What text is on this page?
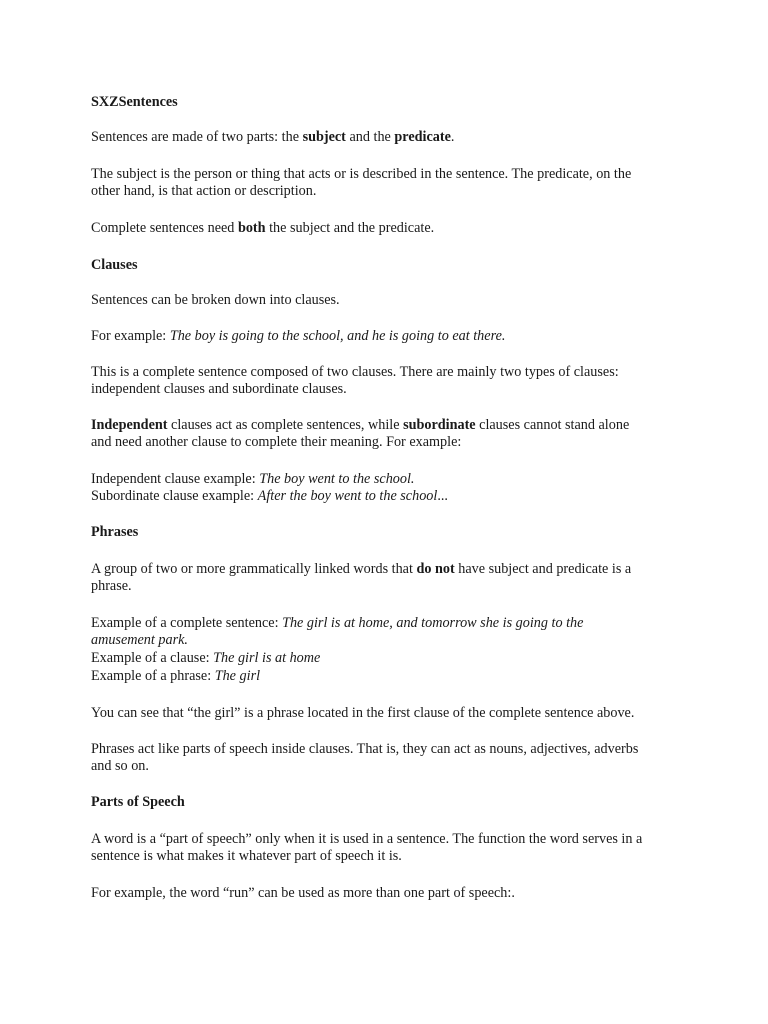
SXZSentences
Sentences are made of two parts: the subject and the predicate.
The subject is the person or thing that acts or is described in the sentence. The predicate, on the
other hand, is that action or description.
Complete sentences need both the subject and the predicate.
Clauses
Sentences can be broken down into clauses.
For example: The boy is going to the school, and he is going to eat there.
This is a complete sentence composed of two clauses. There are mainly two types of clauses:
independent clauses and subordinate clauses.
Independent clauses act as complete sentences, while subordinate clauses cannot stand alone
and need another clause to complete their meaning. For example:
Independent clause example: The boy went to the school.
Subordinate clause example: After the boy went to the school...
Phrases
A group of two or more grammatically linked words that do not have subject and predicate is a
phrase.
Example of a complete sentence: The girl is at home, and tomorrow she is going to the
amusement park.
Example of a clause: The girl is at home
Example of a phrase: The girl
You can see that “the girl” is a phrase located in the first clause of the complete sentence above.
Phrases act like parts of speech inside clauses. That is, they can act as nouns, adjectives, adverbs
and so on.
Parts of Speech
A word is a “part of speech” only when it is used in a sentence. The function the word serves in a
sentence is what makes it whatever part of speech it is.
For example, the word “run” can be used as more than one part of speech:.
